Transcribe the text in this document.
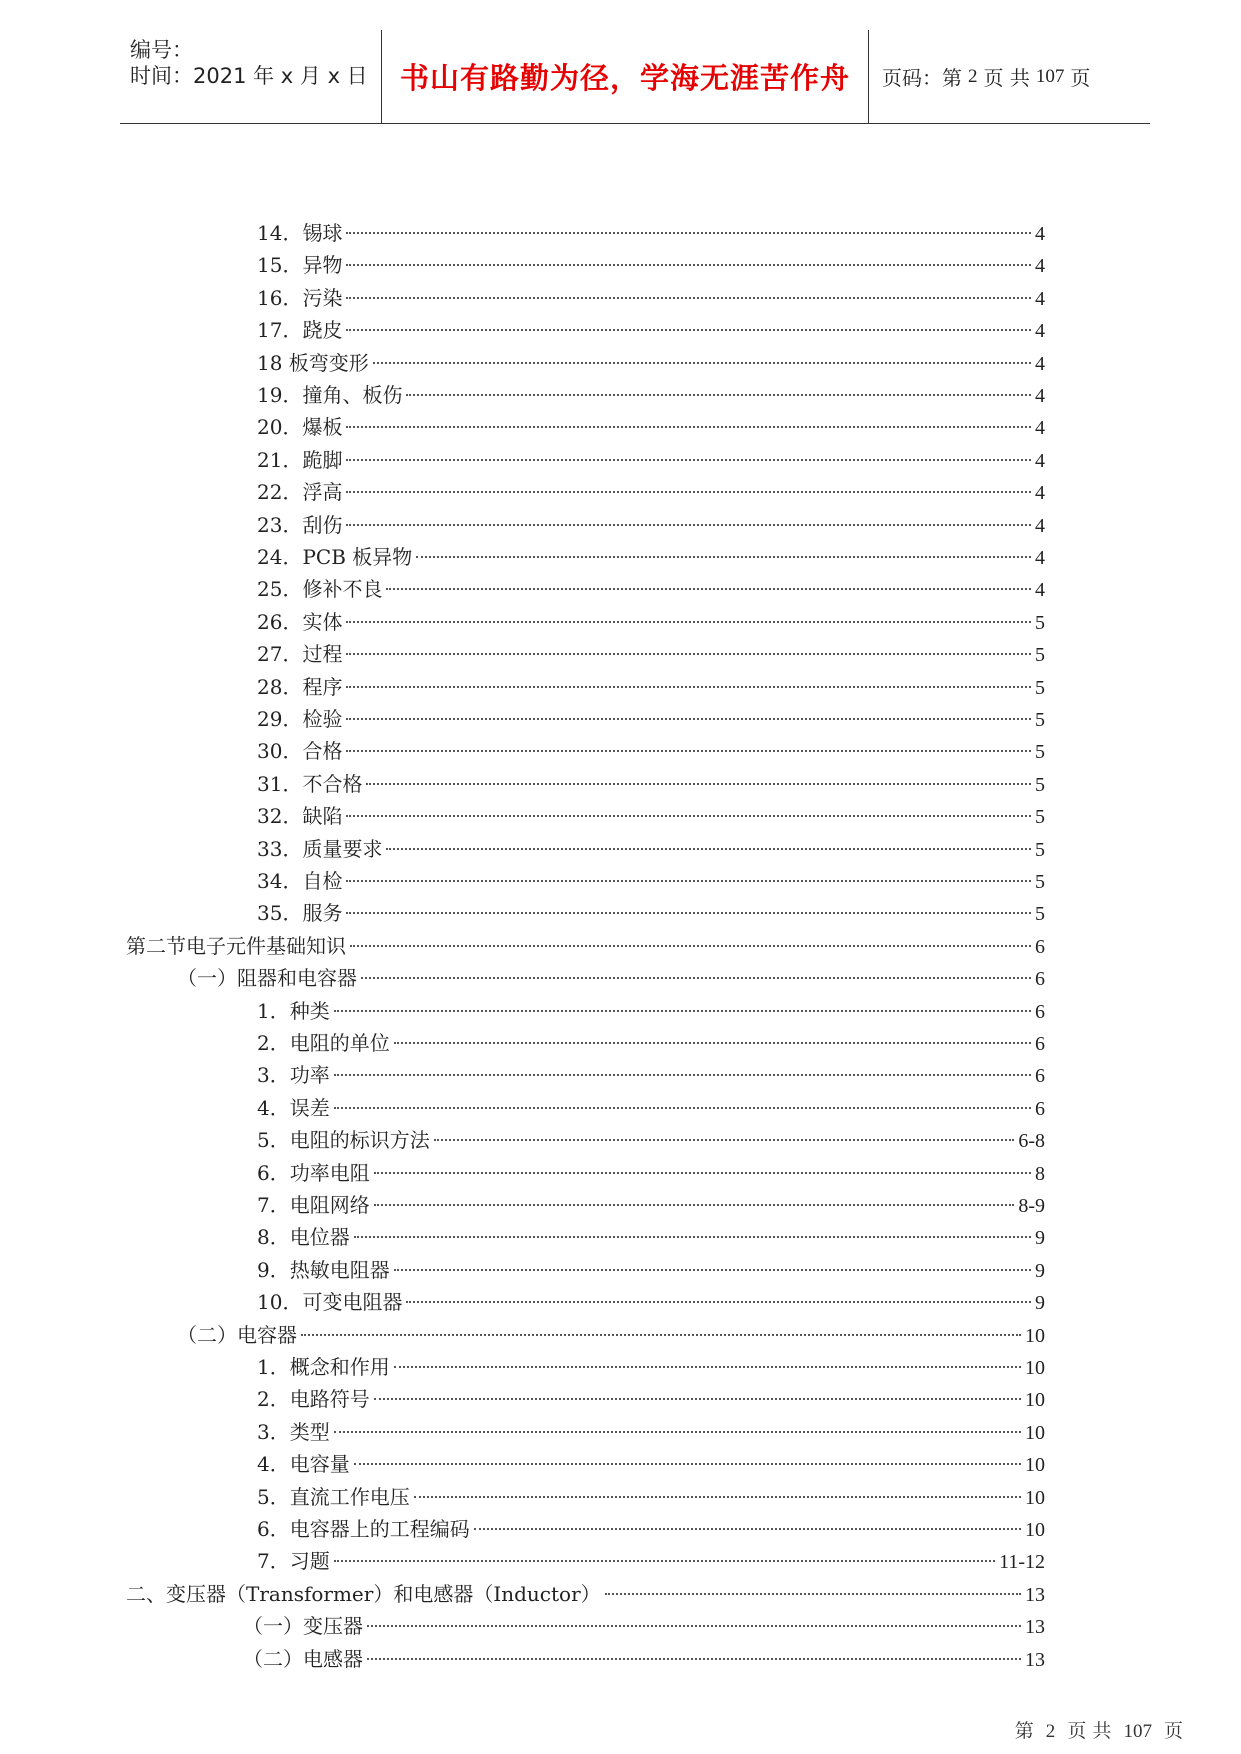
编号：
时间：2021 年 x 月 x 日	书山有路勤为径，学海无涯苦作舟	页码：第 2 页 共 107 页
14．锡球	4
15．异物	4
16．污染	4
17．跷皮	4
18 板弯变形	4
19．撞角、板伤	4
20．爆板	4
21．跪脚	4
22．浮高	4
23．刮伤	4
24．PCB 板异物	4
25．修补不良	4
26．实体	5
27．过程	5
28．程序	5
29．检验	5
30．合格	5
31．不合格	5
32．缺陷	5
33．质量要求	5
34．自检	5
35．服务	5
第二节电子元件基础知识	6
（一）阻器和电容器	6
1．种类	6
2．电阻的单位	6
3．功率	6
4．误差	6
5．电阻的标识方法	6-8
6．功率电阻	8
7．电阻网络	8-9
8．电位器	9
9．热敏电阻器	9
10．可变电阻器	9
（二）电容器	10
1．概念和作用	10
2．电路符号	10
3．类型	10
4．电容量	10
5．直流工作电压	10
6．电容器上的工程编码	10
7．习题	11-12
二、变压器（Transformer）和电感器（Inductor）	13
（一）变压器	13
（二）电感器	13
第 2 页 共 107 页
